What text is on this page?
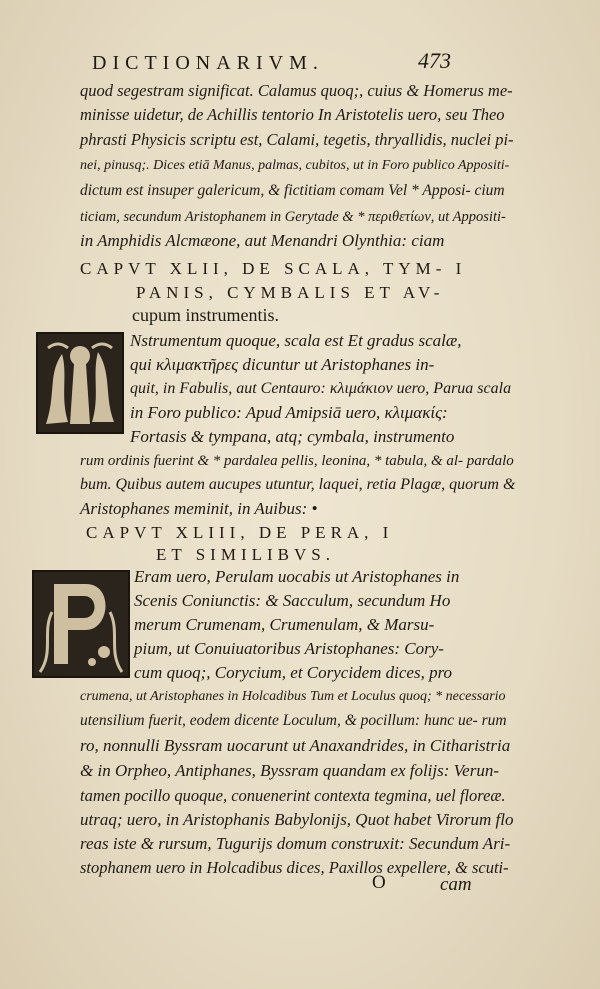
DICTIONARIVM.	473
quod segestram significat. Calamus quoq;, cuius & Homerus me-
minisse uidetur, de Achillis tentorio In Aristotelis uero, seu Theo
phrasti Physicis scriptu est, Calami, tegetis, thryallidis, nuclei pi-
nei, pinusq;. Dices etiā Manus, palmas, cubitos, ut in Foro publico Appositi-
dictum est insuper galericum, & fictitiam comam Vel * Apposi- cium
ticiam, secundum Aristophanem in Gerytade & * περιθετίων, ut Appositi-
in Amphidis Alcmæone, aut Menandri Olynthia: ciam
CAPVT XLII, DE SCALA, TYM- I
PANIS, CYMBALIS ET AV-
cupum instrumentis.
Nstrumentum quoque, scala est Et gradus scalæ,
qui κλιμακτῆρες dicuntur ut Aristophanes in-
quit, in Fabulis, aut Centauro: κλιμάκιον uero, Parua scala
in Foro publico: Apud Amipsiā uero, κλιμακίς:
Fortasis & tympana, atq; cymbala, instrumento
rum ordinis fuerint & * pardalea pellis, leonina, * tabula, & al- pardalo
bum. Quibus autem aucupes utuntur, laquei, retia Plagæ, quorum &
Aristophanes meminit, in Auibus: •
CAPVT XLIII, DE PERA, I
ET SIMILIBVS.
Eram uero, Perulam uocabis ut Aristophanes in
Scenis Coniunctis: & Sacculum, secundum Ho
merum Crumenam, Crumenulam, & Marsu-
pium, ut Conuiuatoribus Aristophanes: Cory-
cum quoq;, Corycium, et Corycidem dices, pro
crumena, ut Aristophanes in Holcadibus Tum et Loculus quoq; * necessario
utensilium fuerit, eodem dicente Loculum, & pocillum: hunc ue- rum
ro, nonnulli Byssram uocarunt ut Anaxandrides, in Citharistria
& in Orpheo, Antiphanes, Byssram quandam ex folijs: Verun-
tamen pocillo quoque, conuenerint contexta tegmina, uel floreæ.
utraq; uero, in Aristophanis Babylonijs, Quot habet Virorum flo
reas iste & rursum, Tugurijs domum construxit: Secundum Ari-
stophanem uero in Holcadibus dices, Paxillos expellere, & scuti-
O	cam
